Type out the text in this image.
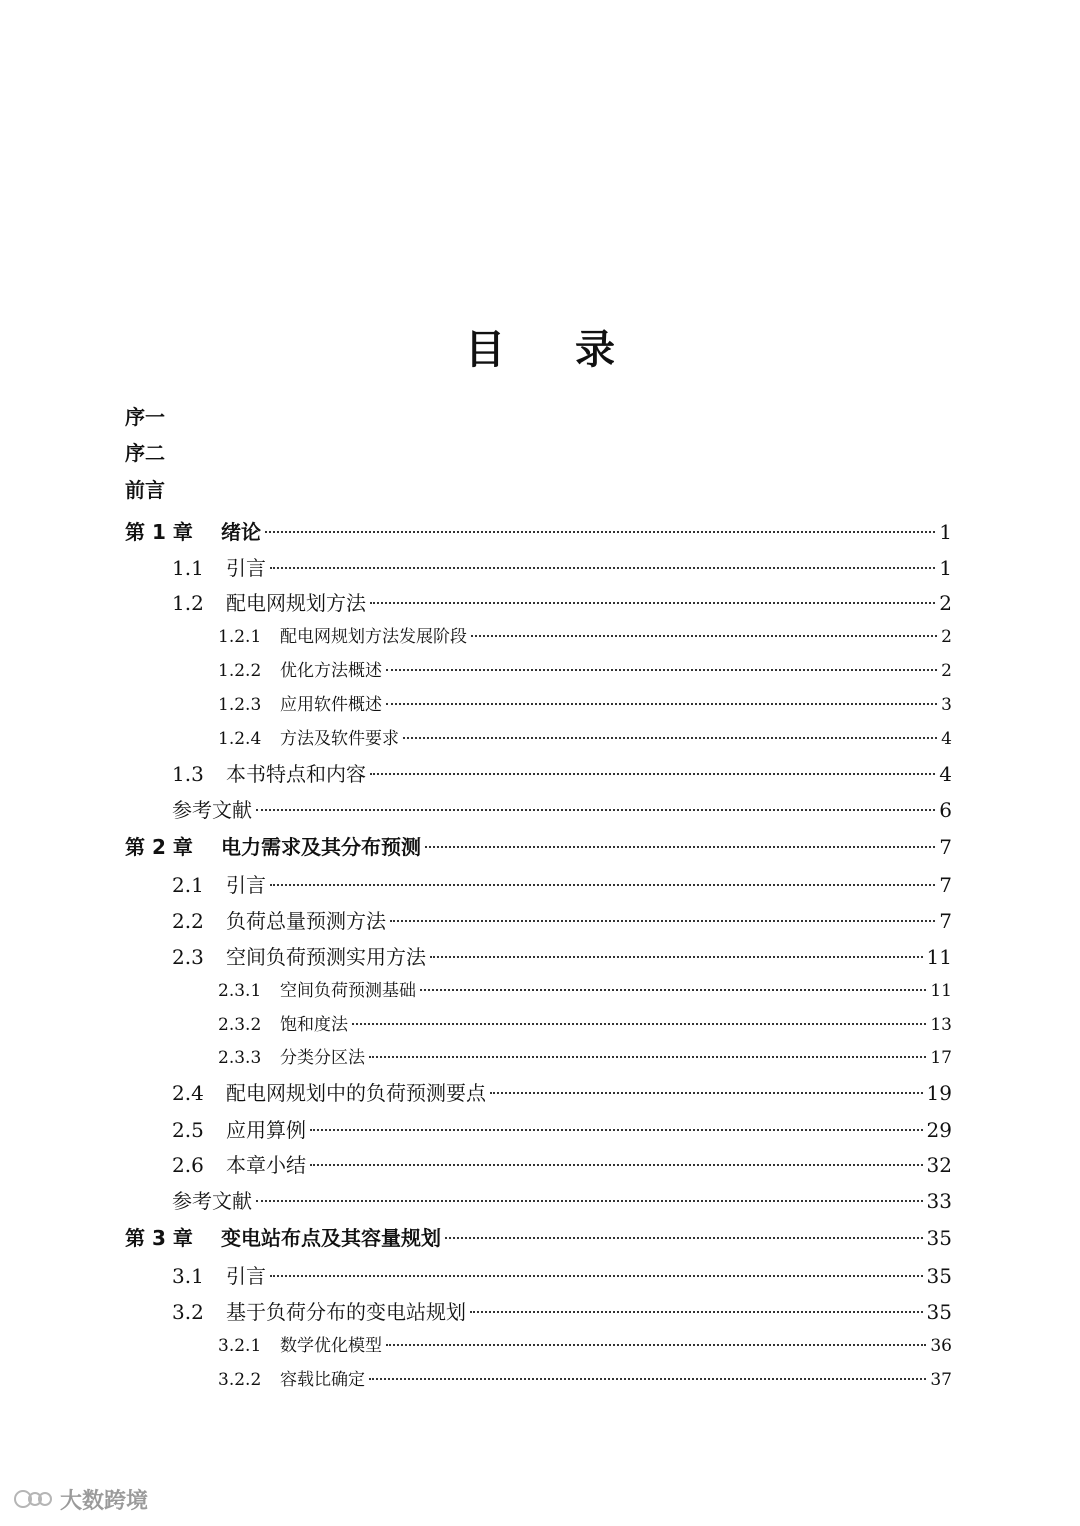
目 录
序一
序二
前言
第 1 章	绪论	1
1.1	引言	1
1.2	配电网规划方法	2
1.2.1	配电网规划方法发展阶段	2
1.2.2	优化方法概述	2
1.2.3	应用软件概述	3
1.2.4	方法及软件要求	4
1.3	本书特点和内容	4
参考文献	6
第 2 章	电力需求及其分布预测	7
2.1	引言	7
2.2	负荷总量预测方法	7
2.3	空间负荷预测实用方法	11
2.3.1	空间负荷预测基础	11
2.3.2	饱和度法	13
2.3.3	分类分区法	17
2.4	配电网规划中的负荷预测要点	19
2.5	应用算例	29
2.6	本章小结	32
参考文献	33
第 3 章	变电站布点及其容量规划	35
3.1	引言	35
3.2	基于负荷分布的变电站规划	35
3.2.1	数学优化模型	36
3.2.2	容载比确定	37
大数跨境
